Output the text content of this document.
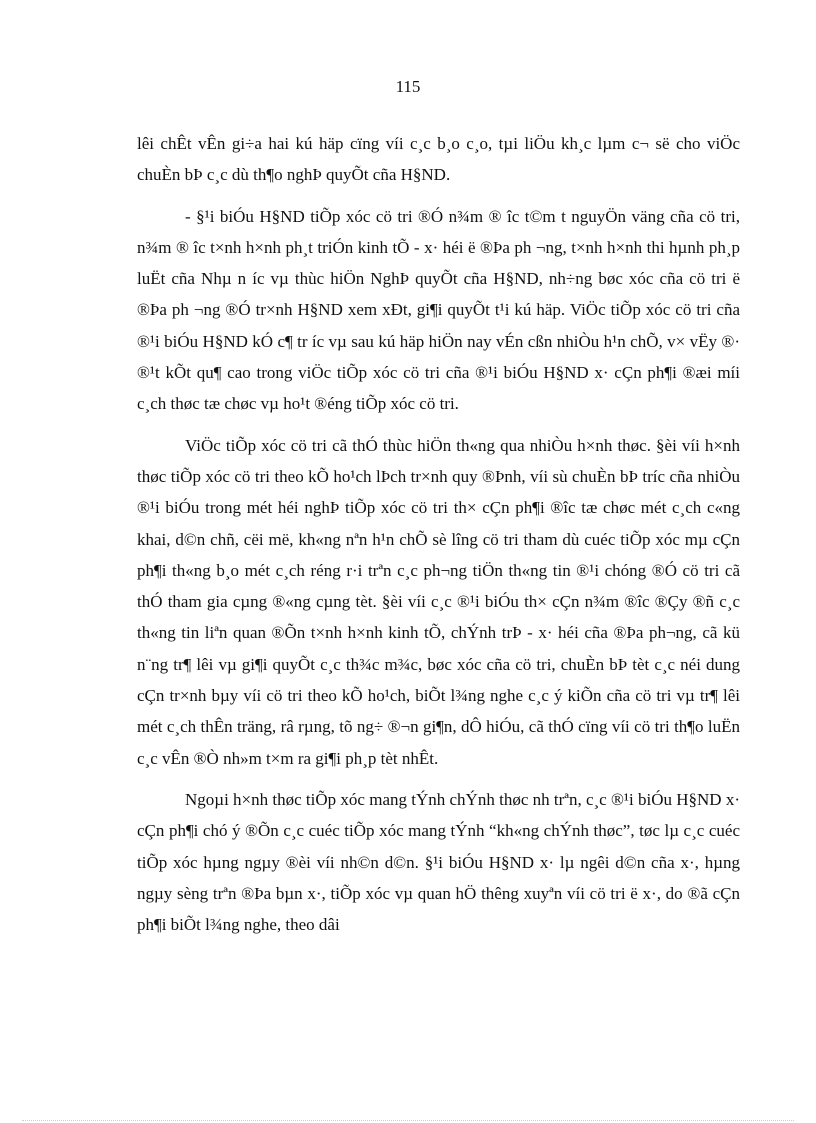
115

lêi chÊt vÊn gi÷a hai kú häp cïng víi c¸c b¸o c¸o, tµi liÖu kh¸c lµm c¬ së cho viÖc chuÈn bÞ c¸c dù th¶o nghÞ quyÕt cña H§ND.

- §¹i biÓu H§ND tiÕp xóc cö tri ®Ó n¾m ® îc t©m t nguyÖn väng cña cö tri, n¾m ® îc t×nh h×nh ph¸t triÓn kinh tÕ - x· héi ë ®Þa ph ¬ng, t×nh h×nh thi hµnh ph¸p luËt cña Nhµ n íc vµ thùc hiÖn NghÞ quyÕt cña H§ND, nh÷ng bøc xóc cña cö tri ë ®Þa ph ¬ng ®Ó tr×nh H§ND xem xÐt, gi¶i quyÕt t¹i kú häp. ViÖc tiÕp xóc cö tri cña ®¹i biÓu H§ND kÓ c¶ tr íc vµ sau kú häp hiÖn nay vÉn cßn nhiÒu h¹n chÕ, v× vËy ®· ®¹t kÕt qu¶ cao trong viÖc tiÕp xóc cö tri cña ®¹i biÓu H§ND x· cÇn ph¶i ®æi míi c¸ch thøc tæ chøc vµ ho¹t ®éng tiÕp xóc cö tri.

ViÖc tiÕp xóc cö tri cã thÓ thùc hiÖn th«ng qua nhiÒu h×nh thøc. §èi víi h×nh thøc tiÕp xóc cö tri theo kÕ ho¹ch lÞch tr×nh quy ®Þnh, víi sù chuÈn bÞ tríc cña nhiÒu ®¹i biÓu trong mét héi nghÞ tiÕp xóc cö tri th× cÇn ph¶i ®îc tæ chøc mét c¸ch c«ng khai, d©n chñ, cëi më, kh«ng nªn h¹n chÕ sè lîng cö tri tham dù cuéc tiÕp xóc mµ cÇn ph¶i th«ng b¸o mét c¸ch réng r·i trªn c¸c ph¬ng tiÖn th«ng tin ®¹i chóng ®Ó cö tri cã thÓ tham gia cµng ®«ng cµng tèt. §èi víi c¸c ®¹i biÓu th× cÇn n¾m ®îc ®Çy ®ñ c¸c th«ng tin liªn quan ®Õn t×nh h×nh kinh tÕ, chÝnh trÞ - x· héi cña ®Þa ph¬ng, cã kü n¨ng tr¶ lêi vµ gi¶i quyÕt c¸c th¾c m¾c, bøc xóc cña cö tri, chuÈn bÞ tèt c¸c néi dung cÇn tr×nh bµy víi cö tri theo kÕ ho¹ch, biÕt l¾ng nghe c¸c ý kiÕn cña cö tri vµ tr¶ lêi mét c¸ch thÊn träng, râ rµng, tõ ng÷ ®¬n gi¶n, dÔ hiÓu, cã thÓ cïng víi cö tri th¶o luËn c¸c vÊn ®Ò nh»m t×m ra gi¶i ph¸p tèt nhÊt.

Ngoµi h×nh thøc tiÕp xóc mang tÝnh chÝnh thøc nh trªn, c¸c ®¹i biÓu H§ND x· cÇn ph¶i chó ý ®Õn c¸c cuéc tiÕp xóc mang tÝnh “kh«ng chÝnh thøc”, tøc lµ c¸c cuéc tiÕp xóc hµng ngµy ®èi víi nh©n d©n. §¹i biÓu H§ND x· lµ ngêi d©n cña x·, hµng ngµy sèng trªn ®Þa bµn x·, tiÕp xóc vµ quan hÖ thêng xuyªn víi cö tri ë x·, do ®ã cÇn ph¶i biÕt l¾ng nghe, theo dâi
